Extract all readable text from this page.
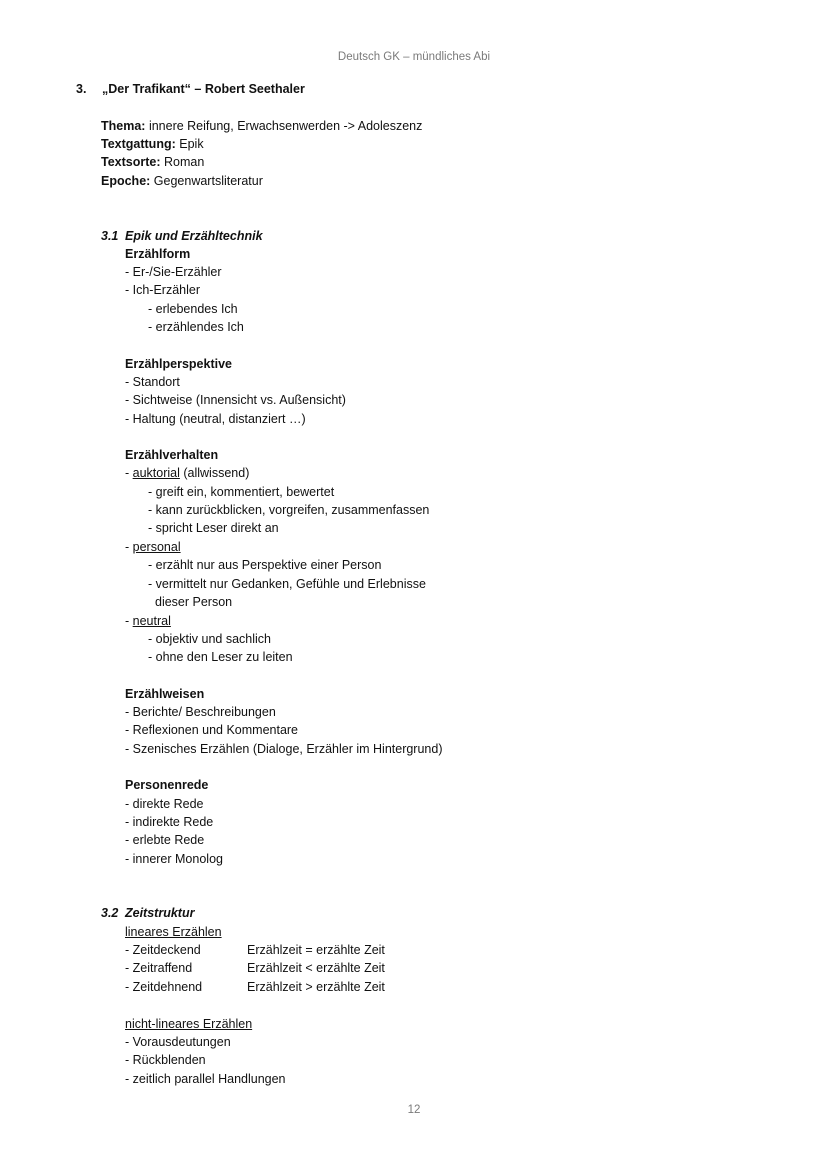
Deutsch GK – mündliches Abi
3. „Der Trafikant“ – Robert Seethaler
Thema: innere Reifung, Erwachsenwerden -> Adoleszenz
Textgattung: Epik
Textsorte: Roman
Epoche: Gegenwartsliteratur
3.1 Epik und Erzähltechnik
Erzählform
- Er-/Sie-Erzähler
- Ich-Erzähler
- erlebendes Ich
- erzählendes Ich
Erzählperspektive
- Standort
- Sichtweise (Innensicht vs. Außensicht)
- Haltung (neutral, distanziert …)
Erzählverhalten
- auktorial (allwissend)
- greift ein, kommentiert, bewertet
- kann zurückblicken, vorgreifen, zusammenfassen
- spricht Leser direkt an
- personal
- erzählt nur aus Perspektive einer Person
- vermittelt nur Gedanken, Gefühle und Erlebnisse
dieser Person
- neutral
- objektiv und sachlich
- ohne den Leser zu leiten
Erzählweisen
- Berichte/ Beschreibungen
- Reflexionen und Kommentare
- Szenisches Erzählen (Dialoge, Erzähler im Hintergrund)
Personenrede
- direkte Rede
- indirekte Rede
- erlebte Rede
- innerer Monolog
3.2 Zeitstruktur
lineares Erzählen
- Zeitdeckend	Erzählzeit = erzählte Zeit
- Zeitraffend	Erzählzeit < erzählte Zeit
- Zeitdehnend	Erzählzeit > erzählte Zeit
nicht-lineares Erzählen
- Vorausdeutungen
- Rückblenden
- zeitlich parallel Handlungen
12
